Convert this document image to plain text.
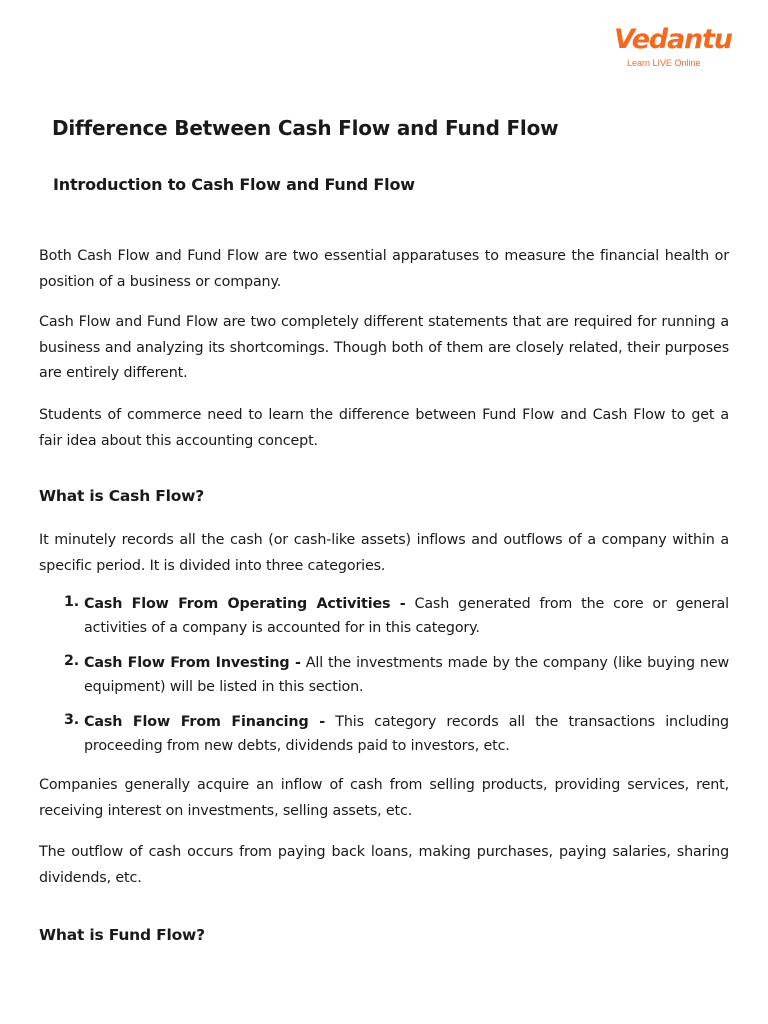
Vedantu
Learn LIVE Online
Difference Between Cash Flow and Fund Flow
Introduction to Cash Flow and Fund Flow

Both Cash Flow and Fund Flow are two essential apparatuses to measure the financial health or position of a business or company.

Cash Flow and Fund Flow are two completely different statements that are required for running a business and analyzing its shortcomings. Though both of them are closely related, their purposes are entirely different.

Students of commerce need to learn the difference between Fund Flow and Cash Flow to get a fair idea about this accounting concept.

What is Cash Flow?

It minutely records all the cash (or cash-like assets) inflows and outflows of a company within a specific period. It is divided into three categories.

1. Cash Flow From Operating Activities - Cash generated from the core or general activities of a company is accounted for in this category.
2. Cash Flow From Investing - All the investments made by the company (like buying new equipment) will be listed in this section.
3. Cash Flow From Financing - This category records all the transactions including proceeding from new debts, dividends paid to investors, etc.

Companies generally acquire an inflow of cash from selling products, providing services, rent, receiving interest on investments, selling assets, etc.

The outflow of cash occurs from paying back loans, making purchases, paying salaries, sharing dividends, etc.

What is Fund Flow?
